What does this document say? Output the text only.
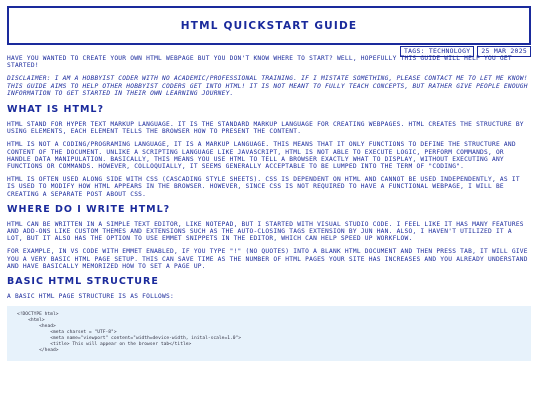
HTML QUICKSTART GUIDE
TAGS: TECHNOLOGY	25 MAR 2025

HAVE YOU WANTED TO CREATE YOUR OWN HTML WEBPAGE BUT YOU DON'T KNOW WHERE TO START? WELL, HOPEFULLY THIS GUIDE WILL HELP YOU GET STARTED!

DISCLAIMER: I AM A HOBBYIST CODER WITH NO ACADEMIC/PROFESSIONAL TRAINING. IF I MISTATE SOMETHING, PLEASE CONTACT ME TO LET ME KNOW!

THIS GUIDE AIMS TO HELP OTHER HOBBYIST CODERS GET INTO HTML! IT IS NOT MEANT TO FULLY TEACH CONCEPTS, BUT RATHER GIVE PEOPLE ENOUGH INFORMATION TO GET STARTED IN THEIR OWN LEARNING JOURNEY.

WHAT IS HTML?

HTML STAND FOR HYPER TEXT MARKUP LANGUAGE. IT IS THE STANDARD MARKUP LANGUAGE FOR CREATING WEBPAGES. HTML CREATES THE STRUCTURE BY USING ELEMENTS, EACH ELEMENT TELLS THE BROWSER HOW TO PRESENT THE CONTENT.

HTML IS NOT A CODING/PROGRAMING LANGUAGE, IT IS A MARKUP LANGUAGE. THIS MEANS THAT IT ONLY FUNCTIONS TO DEFINE THE STRUCTURE AND CONTENT OF THE DOCUMENT. UNLIKE A SCRIPTING LANGUAGE LIKE JAVASCRIPT, HTML IS NOT ABLE TO EXECUTE LOGIC, PERFORM COMMANDS, OR HANDLE DATA MANIPULATION. BASICALLY, THIS MEANS YOU USE HTML TO TELL A BROWSER EXACTLY WHAT TO DISPLAY, WITHOUT EXECUTING ANY FUNCTIONS OR COMMANDS. HOWEVER, COLLOQUIALLY, IT SEEMS GENERALLY ACCEPTABLE TO BE LUMPED INTO THE TERM OF "CODING".

HTML IS OFTEN USED ALONG SIDE WITH CSS (CASCADING STYLE SHEETS). CSS IS DEPENDENT ON HTML AND CANNOT BE USED INDEPENDENTLY, AS IT IS USED TO MODIFY HOW HTML APPEARS IN THE BROWSER. HOWEVER, SINCE CSS IS NOT REQUIRED TO HAVE A FUNCTIONAL WEBPAGE, I WILL BE CREATING A SEPARATE POST ABOUT CSS.

WHERE DO I WRITE HTML?

HTML CAN BE WRITTEN IN A SIMPLE TEXT EDITOR, LIKE NOTEPAD, BUT I STARTED WITH VISUAL STUDIO CODE. I FEEL LIKE IT HAS MANY FEATURES AND ADD-ONS LIKE CUSTOM THEMES AND EXTENSIONS SUCH AS THE AUTO-CLOSING TAGS EXTENSION BY JUN HAN. ALSO, I HAVEN'T UTILIZED IT A LOT, BUT IT ALSO HAS THE OPTION TO USE EMMET SNIPPETS IN THE EDITOR, WHICH CAN HELP SPEED UP WORKFLOW.

FOR EXAMPLE, IN VS CODE WITH EMMET ENABLED, IF YOU TYPE "!" (NO QUOTES) INTO A BLANK HTML DOCUMENT AND THEN PRESS TAB, IT WILL GIVE YOU A VERY BASIC HTML PAGE SETUP. THIS CAN SAVE TIME AS THE NUMBER OF HTML PAGES YOUR SITE HAS INCREASES AND YOU ALREADY UNDERSTAND AND HAVE BASICALLY MEMORIZED HOW TO SET A PAGE UP.

BASIC HTML STRUCTURE

A BASIC HTML PAGE STRUCTURE IS AS FOLLOWS:

<!DOCTYPE html>
<html>
<head>
<meta charset = "UTF-8">
<meta name="viewport" content="width=device-width, inital-scale=1.0">
<title> This will appear on the browser tab</title>
</head>
